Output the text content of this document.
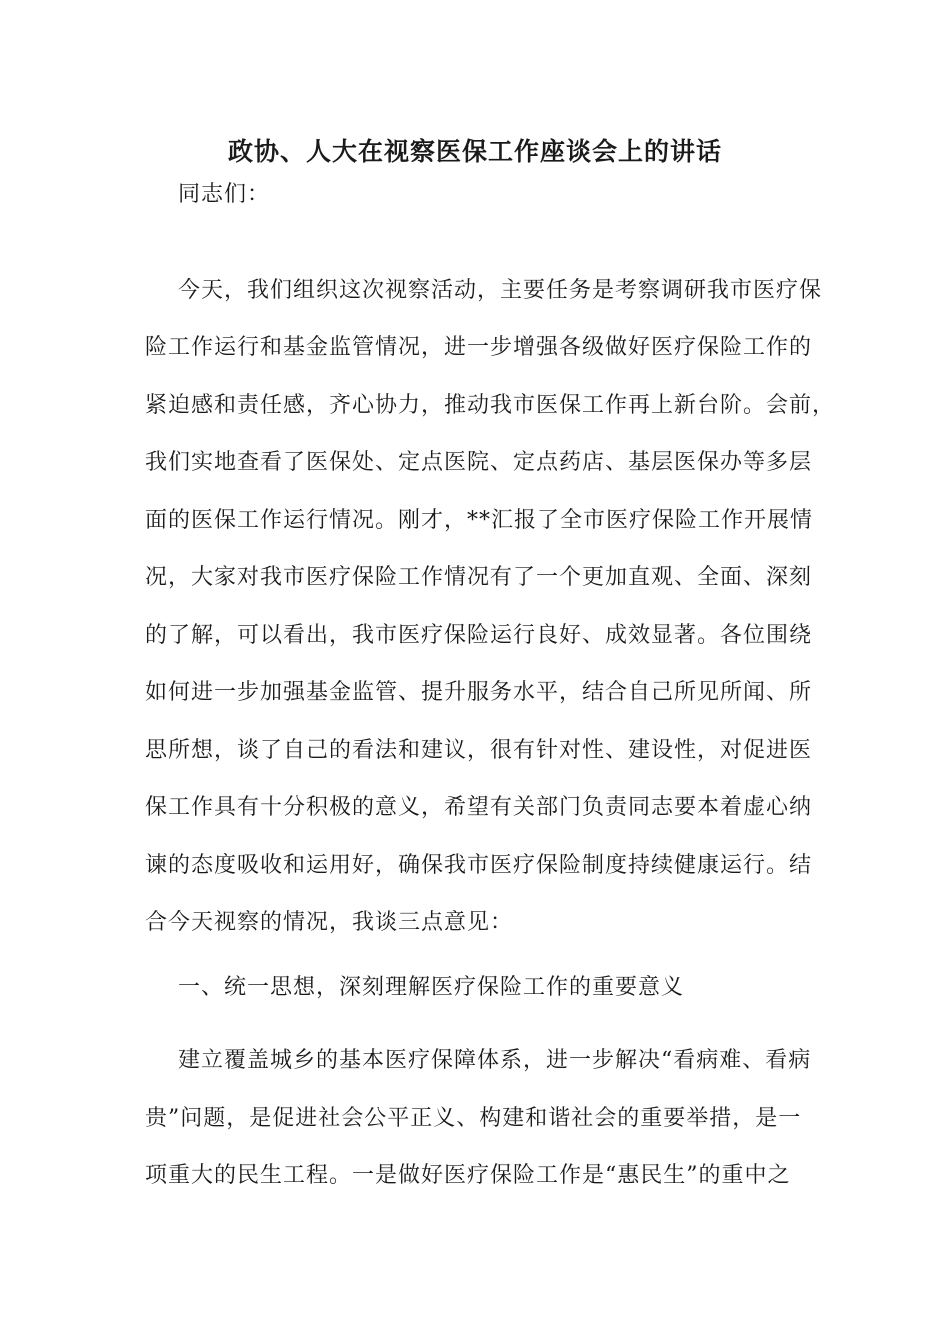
政协、人大在视察医保工作座谈会上的讲话
同志们：
今天，我们组织这次视察活动，主要任务是考察调研我市医疗保
险工作运行和基金监管情况，进一步增强各级做好医疗保险工作的
紧迫感和责任感，齐心协力，推动我市医保工作再上新台阶。会前，
我们实地查看了医保处、定点医院、定点药店、基层医保办等多层
面的医保工作运行情况。刚才，**汇报了全市医疗保险工作开展情
况，大家对我市医疗保险工作情况有了一个更加直观、全面、深刻
的了解，可以看出，我市医疗保险运行良好、成效显著。各位围绕
如何进一步加强基金监管、提升服务水平，结合自己所见所闻、所
思所想，谈了自己的看法和建议，很有针对性、建设性，对促进医
保工作具有十分积极的意义，希望有关部门负责同志要本着虚心纳
谏的态度吸收和运用好，确保我市医疗保险制度持续健康运行。结
合今天视察的情况，我谈三点意见：
一、统一思想，深刻理解医疗保险工作的重要意义
建立覆盖城乡的基本医疗保障体系，进一步解决“看病难、看病
贵”问题，是促进社会公平正义、构建和谐社会的重要举措，是一
项重大的民生工程。一是做好医疗保险工作是“惠民生”的重中之
